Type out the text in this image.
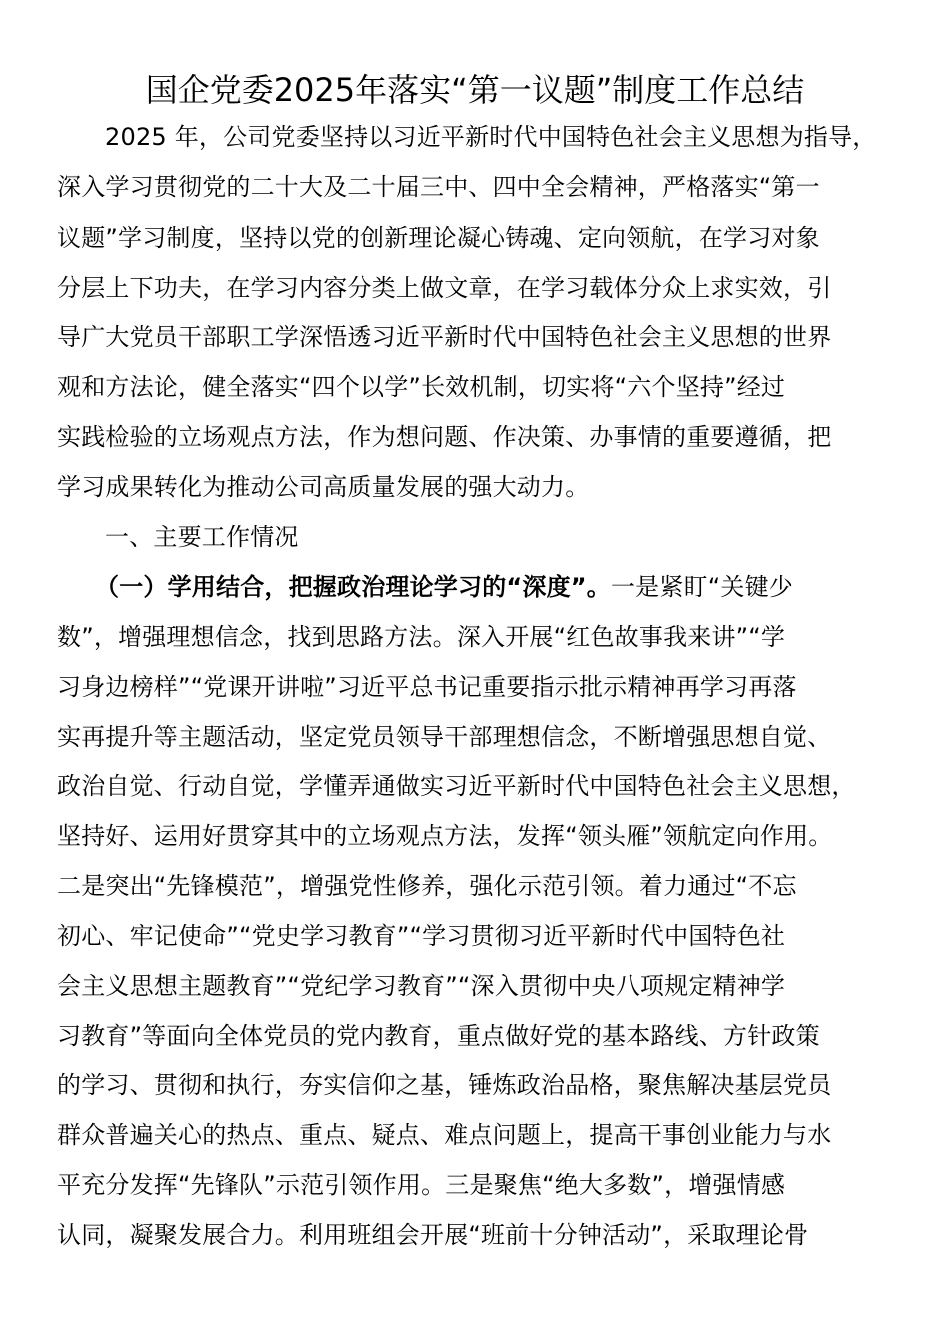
国企党委2025年落实“第一议题”制度工作总结
2025 年，公司党委坚持以习近平新时代中国特色社会主义思想为指导，
深入学习贯彻党的二十大及二十届三中、四中全会精神，严格落实“第一
议题”学习制度，坚持以党的创新理论凝心铸魂、定向领航，在学习对象
分层上下功夫，在学习内容分类上做文章，在学习载体分众上求实效，引
导广大党员干部职工学深悟透习近平新时代中国特色社会主义思想的世界
观和方法论，健全落实“四个以学”长效机制，切实将“六个坚持”经过
实践检验的立场观点方法，作为想问题、作决策、办事情的重要遵循，把
学习成果转化为推动公司高质量发展的强大动力。
一、主要工作情况
（一）学用结合，把握政治理论学习的“深度”。一是紧盯“关键少
数”，增强理想信念，找到思路方法。深入开展“红色故事我来讲”“学
习身边榜样”“党课开讲啦”习近平总书记重要指示批示精神再学习再落
实再提升等主题活动，坚定党员领导干部理想信念，不断增强思想自觉、
政治自觉、行动自觉，学懂弄通做实习近平新时代中国特色社会主义思想，
坚持好、运用好贯穿其中的立场观点方法，发挥“领头雁”领航定向作用。
二是突出“先锋模范”，增强党性修养，强化示范引领。着力通过“不忘
初心、牢记使命”“党史学习教育”“学习贯彻习近平新时代中国特色社
会主义思想主题教育”“党纪学习教育”“深入贯彻中央八项规定精神学
习教育”等面向全体党员的党内教育，重点做好党的基本路线、方针政策
的学习、贯彻和执行，夯实信仰之基，锤炼政治品格，聚焦解决基层党员
群众普遍关心的热点、重点、疑点、难点问题上，提高干事创业能力与水
平充分发挥“先锋队”示范引领作用。三是聚焦“绝大多数”，增强情感
认同，凝聚发展合力。利用班组会开展“班前十分钟活动”，采取理论骨
